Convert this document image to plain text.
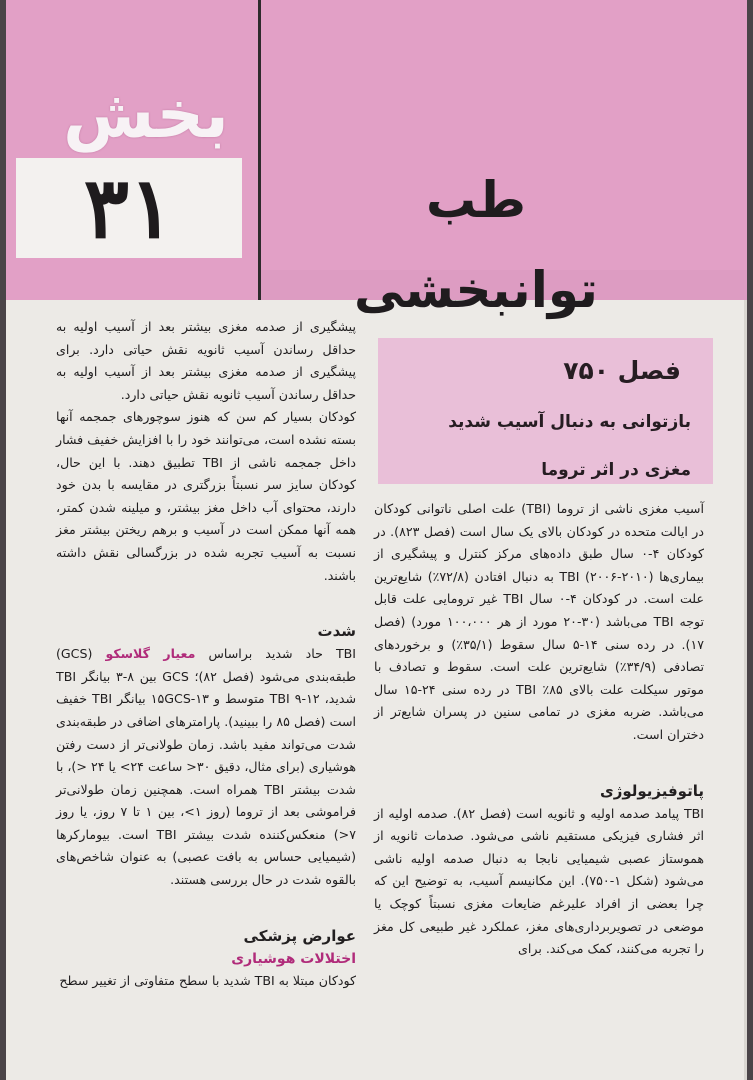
بخش
۳۱	طب توانبخشی

پیشگیری از صدمه مغزی بیشتر بعد از آسیب اولیه به حداقل رساندن آسیب ثانویه نقش حیاتی دارد. برای پیشگیری از صدمه مغزی بیشتر بعد از آسیب اولیه به حداقل رساندن آسیب ثانویه نقش حیاتی دارد.

کودکان بسیار کم سن که هنوز سوچورهای جمجمه آنها بسته نشده است، می‌توانند خود را با افزایش خفیف فشار داخل جمجمه ناشی از TBI تطبیق دهند. با این حال، کودکان سایز سر نسبتاً بزرگتری در مقایسه با بدن خود دارند، محتوای آب داخل مغز بیشتر، و میلینه شدن کمتر، همه آنها ممکن است در آسیب و برهم ریختن بیشتر مغز نسبت به آسیب تجربه شده در بزرگسالی نقش داشته باشند.

شدت

TBI حاد شدید براساس معیار گلاسکو (GCS) طبقه‌بندی می‌شود (فصل ۸۲)؛ GCS بین ۸-۳ بیانگر TBI شدید، ۱۲-۹ TBI متوسط و ۱۵GCS-۱۳ بیانگر TBI خفیف است (فصل ۸۵ را ببینید). پارامترهای اضافی در طبقه‌بندی شدت می‌تواند مفید باشد. زمان طولانی‌تر از دست رفتن هوشیاری (برای مثال، دقیق ۳۰< ساعت ۲۴> یا ۲۴ <)، با شدت بیشتر TBI همراه است. همچنین زمان طولانی‌تر فراموشی بعد از تروما (روز ۱>، بین ۱ تا ۷ روز، یا روز ۷<) منعکس‌کننده شدت بیشتر TBI است. بیومارکرها (شیمیایی حساس به بافت عصبی) به عنوان شاخص‌های بالقوه شدت در حال بررسی هستند.

عوارض پزشکی

اختلالات هوشیاری

کودکان مبتلا به TBI شدید با سطح متفاوتی از تغییر سطح

فصل ۷۵۰
بازتوانی به دنبال آسیب شدید
مغزی در اثر تروما

آسیب مغزی ناشی از تروما (TBI) علت اصلی ناتوانی کودکان در ایالت متحده در کودکان بالای یک سال است (فصل ۸۲۳). در کودکان ۴-۰ سال طبق داده‌های مرکز کنترل و پیشگیری از بیماری‌ها (۲۰۱۰-۲۰۰۶) TBI به دنبال افتادن (۷۲/۸٪) شایع‌ترین علت است. در کودکان ۴-۰ سال TBI غیر ترومایی علت قابل توجه TBI می‌باشد (۳۰-۲۰ مورد از هر ۱۰۰،۰۰۰ مورد) (فصل ۱۷). در رده سنی ۱۴-۵ سال سقوط (۳۵/۱٪) و برخوردهای تصادفی (۳۴/۹٪) شایع‌ترین علت است. سقوط و تصادف با موتور سیکلت علت بالای ۸۵٪ TBI در رده سنی ۲۴-۱۵ سال می‌باشد. ضربه مغزی در تمامی سنین در پسران شایع‌تر از دختران است.

پاتوفیزیولوژی

TBI پیامد صدمه اولیه و ثانویه است (فصل ۸۲). صدمه اولیه از اثر فشاری فیزیکی مستقیم ناشی می‌شود. صدمات ثانویه از هموستاز عصبی شیمیایی نابجا به دنبال صدمه اولیه ناشی می‌شود (شکل ۱-۷۵۰). این مکانیسم آسیب، به توضیح این که چرا بعضی از افراد علیرغم ضایعات مغزی نسبتاً کوچک یا موضعی در تصویربرداری‌های مغز، عملکرد غیر طبیعی کل مغز را تجربه می‌کنند، کمک می‌کند. برای
